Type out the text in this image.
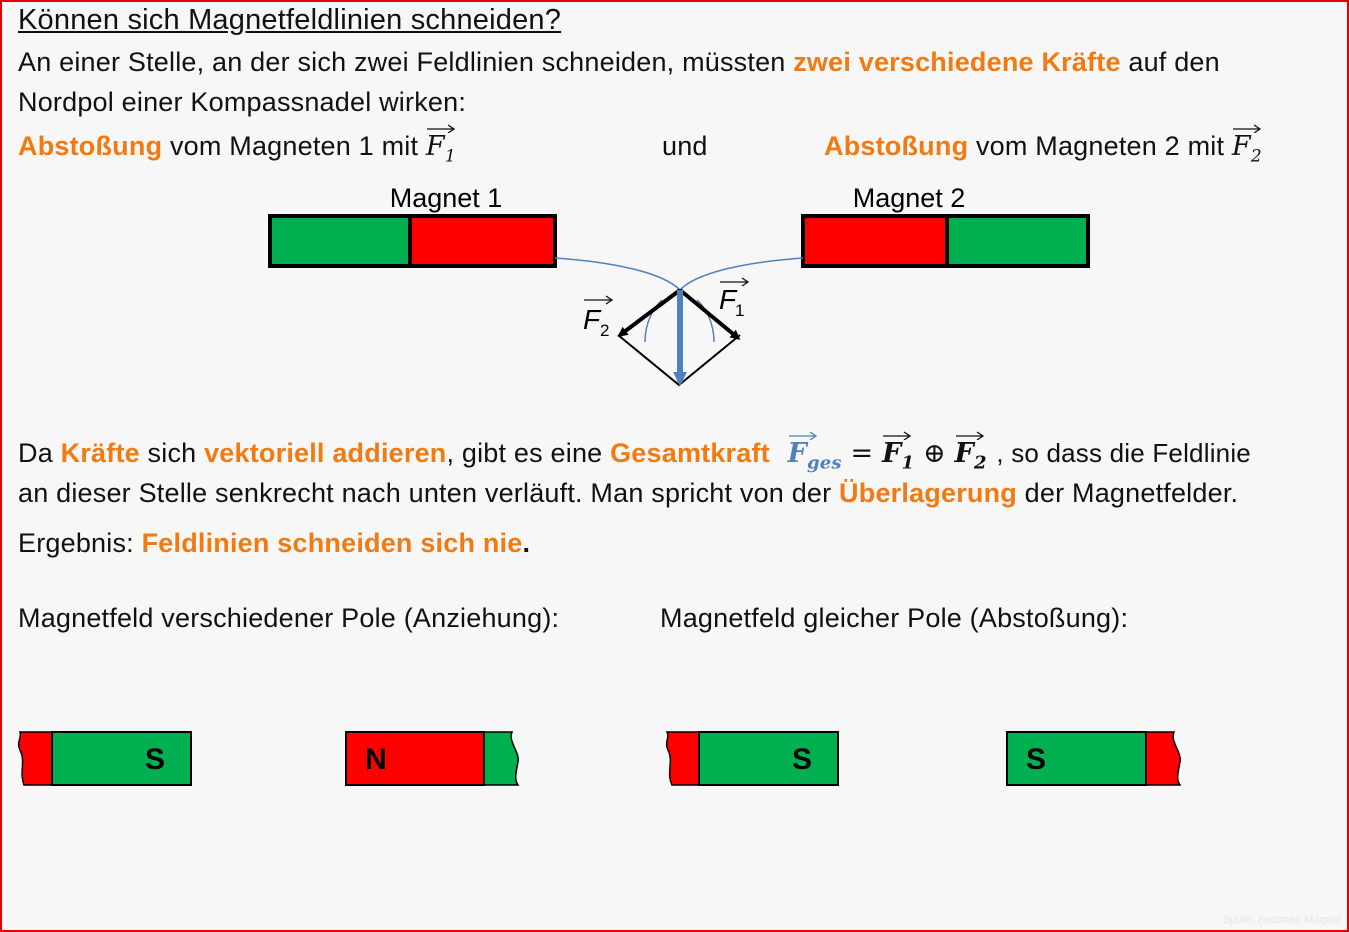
Können sich Magnetfeldlinien schneiden?
An einer Stelle, an der sich zwei Feldlinien schneiden, müssten zwei verschiedene Kräfte auf den
Nordpol einer Kompassnadel wirken:
Abstoßung vom Magneten 1 mit
$F_1$	und	Abstoßung vom Magneten 2 mit
$F_2$
Magnet 1	Magnet 2
F 2
F
1
Da Kräfte sich vektoriell addieren, gibt es eine Gesamtkraft $F_{ges}$ =
$F_1$ ⊕
$F_2$ , so dass die Feldlinie
an dieser Stelle senkrecht nach unten verläuft. Man spricht von der Überlagerung der Magnetfelder.
Ergebnis: Feldlinien schneiden sich nie.
Magnetfeld verschiedener Pole (Anziehung):	Magnetfeld gleicher Pole (Abstoßung):
S	N	S	S
Spule, zeichnen Magnet
